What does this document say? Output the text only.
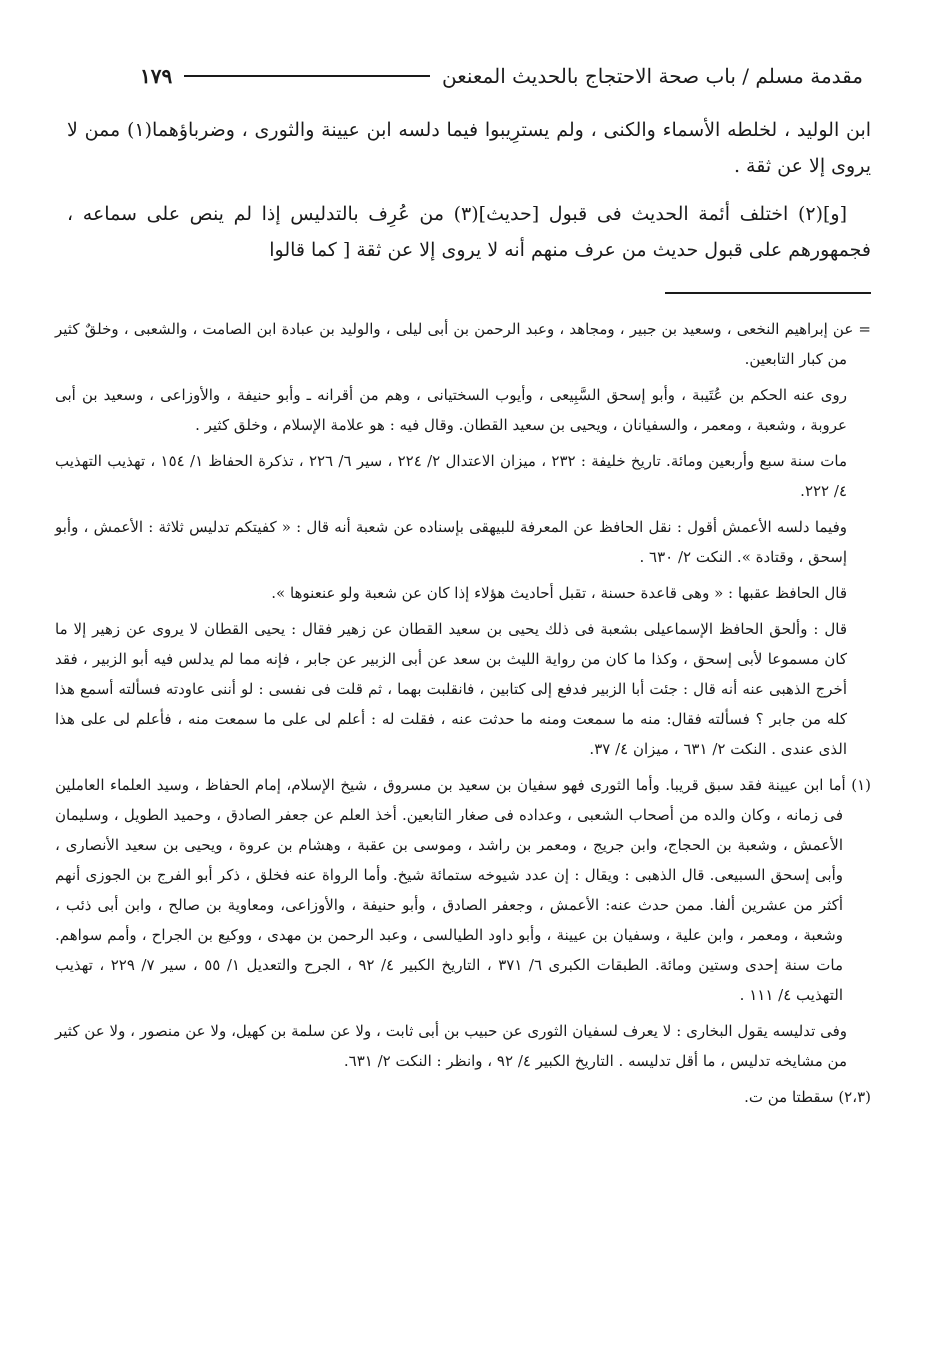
مقدمة مسلم / باب صحة الاحتجاج بالحديث المعنعن
١٧٩

ابن الوليد ، لخلطه الأسماء والكنى ، ولم يسترِيبوا فيما دلسه ابن عيينة والثورى ، وضرباؤهما(١) ممن لا يروى إلا عن ثقة .

[و](٢) اختلف أئمة الحديث فى قبول [حديث](٣) من عُرِف بالتدليس إذا لم ينص على سماعه ، فجمهورهم على قبول حديث من عرف منهم أنه لا يروى إلا عن ثقة [ كما قالوا

= عن إبراهيم النخعى ، وسعيد بن جبير ، ومجاهد ، وعبد الرحمن بن أبى ليلى ، والوليد بن عبادة ابن الصامت ، والشعبى ، وخلقٌ كثير من كبار التابعين.

روى عنه الحكم بن عُتَيبة ، وأبو إسحق السَّبِيعى ، وأيوب السختيانى ، وهم من أقرانه ـ وأبو حنيفة ، والأوزاعى ، وسعيد بن أبى عروبة ، وشعبة ، ومعمر ، والسفيانان ، ويحيى بن سعيد القطان. وقال فيه : هو علامة الإسلام ، وخلق كثير .

مات سنة سبع وأربعين ومائة. تاريخ خليفة : ٢٣٢ ، ميزان الاعتدال ٢/ ٢٢٤ ، سير ٦/ ٢٢٦ ، تذكرة الحفاظ ١/ ١٥٤ ، تهذيب التهذيب ٤/ ٢٢٢.

وفيما دلسه الأعمش أقول : نقل الحافظ عن المعرفة للبيهقى بإسناده عن شعبة أنه قال : « كفيتكم تدليس ثلاثة : الأعمش ، وأبو إسحق ، وقتادة ». النكت ٢/ ٦٣٠ .

قال الحافظ عقبها : « وهى قاعدة حسنة ، تقبل أحاديث هؤلاء إذا كان عن شعبة ولو عنعنوها ».

قال : وألحق الحافظ الإسماعيلى بشعبة فى ذلك يحيى بن سعيد القطان عن زهير فقال : يحيى القطان لا يروى عن زهير إلا ما كان مسموعا لأبى إسحق ، وكذا ما كان من رواية الليث بن سعد عن أبى الزبير عن جابر ، فإنه مما لم يدلس فيه أبو الزبير ، فقد أخرج الذهبى عنه أنه قال : جئت أبا الزبير فدفع إلى كتابين ، فانقلبت بهما ، ثم قلت فى نفسى : لو أننى عاودته فسألته أسمع هذا كله من جابر ؟ فسألته فقال: منه ما سمعت ومنه ما حدثت عنه ، فقلت له : أعلم لى على ما سمعت منه ، فأعلم لى على هذا الذى عندى . النكت ٢/ ٦٣١ ، ميزان ٤/ ٣٧.

(١) أما ابن عيينة فقد سبق قريبا. وأما الثورى فهو سفيان بن سعيد بن مسروق ، شيخ الإسلام، إمام الحفاظ ، وسيد العلماء العاملين فى زمانه ، وكان والده من أصحاب الشعبى ، وعداده فى صغار التابعين. أخذ العلم عن جعفر الصادق ، وحميد الطويل ، وسليمان الأعمش ، وشعبة بن الحجاج، وابن جريج ، ومعمر بن راشد ، وموسى بن عقبة ، وهشام بن عروة ، ويحيى بن سعيد الأنصارى ، وأبى إسحق السبيعى. قال الذهبى : ويقال : إن عدد شيوخه ستمائة شيخ. وأما الرواة عنه فخلق ، ذكر أبو الفرج بن الجوزى أنهم أكثر من عشرين ألفا. ممن حدث عنه: الأعمش ، وجعفر الصادق ، وأبو حنيفة ، والأوزاعى، ومعاوية بن صالح ، وابن أبى ذئب ، وشعبة ، ومعمر ، وابن علية ، وسفيان بن عيينة ، وأبو داود الطيالسى ، وعبد الرحمن بن مهدى ، ووكيع بن الجراح ، وأمم سواهم. مات سنة إحدى وستين ومائة. الطبقات الكبرى ٦/ ٣٧١ ، التاريخ الكبير ٤/ ٩٢ ، الجرح والتعديل ١/ ٥٥ ، سير ٧/ ٢٢٩ ، تهذيب التهذيب ٤/ ١١١ .

وفى تدليسه يقول البخارى : لا يعرف لسفيان الثورى عن حبيب بن أبى ثابت ، ولا عن سلمة بن كهيل، ولا عن منصور ، ولا عن كثير من مشايخه تدليس ، ما أقل تدليسه . التاريخ الكبير ٤/ ٩٢ ، وانظر : النكت ٢/ ٦٣١.

(٢،٣) سقطتا من ت.
